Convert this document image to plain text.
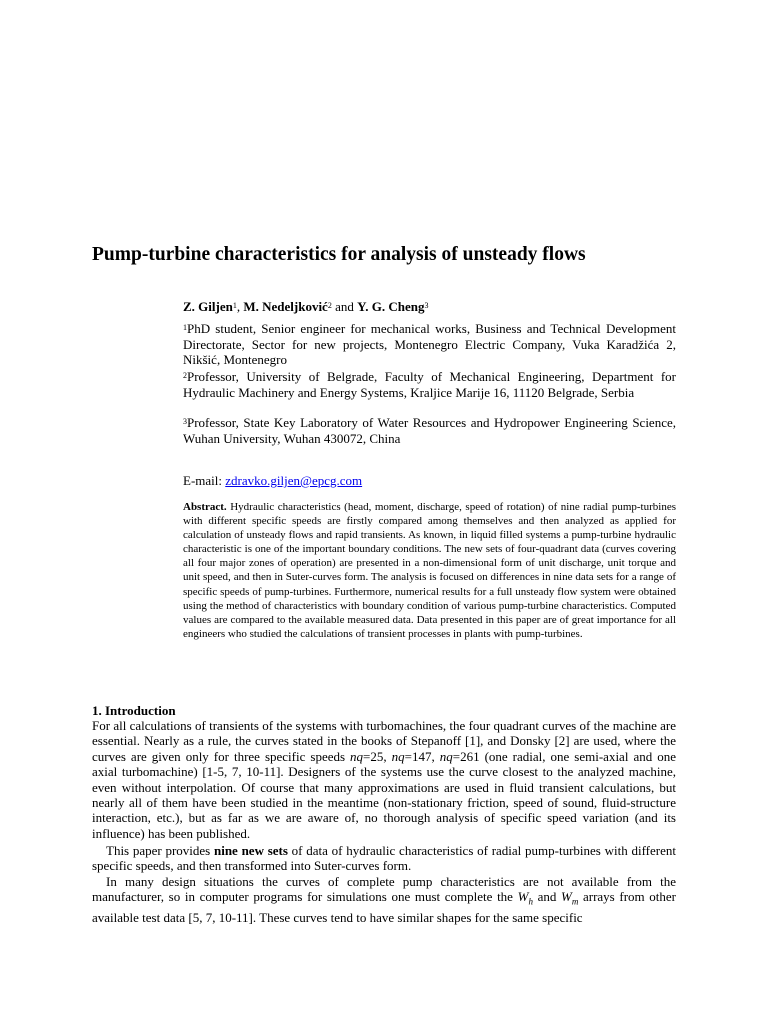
Pump-turbine characteristics for analysis of unsteady flows
Z. Giljen$^1$, M. Nedeljković$^2$ and Y. G. Cheng$^3$
$^1$PhD student, Senior engineer for mechanical works, Business and Technical Development Directorate, Sector for new projects, Montenegro Electric Company, Vuka Karadžića 2, Nikšić, Montenegro
$^2$Professor, University of Belgrade, Faculty of Mechanical Engineering, Department for Hydraulic Machinery and Energy Systems, Kraljice Marije 16, 11120 Belgrade, Serbia
$^3$Professor, State Key Laboratory of Water Resources and Hydropower Engineering Science, Wuhan University, Wuhan 430072, China
E-mail: zdravko.giljen@epcg.com
Abstract. Hydraulic characteristics (head, moment, discharge, speed of rotation) of nine radial pump-turbines with different specific speeds are firstly compared among themselves and then analyzed as applied for calculation of unsteady flows and rapid transients. As known, in liquid filled systems a pump-turbine hydraulic characteristic is one of the important boundary conditions. The new sets of four-quadrant data (curves covering all four major zones of operation) are presented in a non-dimensional form of unit discharge, unit torque and unit speed, and then in Suter-curves form. The analysis is focused on differences in nine data sets for a range of specific speeds of pump-turbines. Furthermore, numerical results for a full unsteady flow system were obtained using the method of characteristics with boundary condition of various pump-turbine characteristics. Computed values are compared to the available measured data. Data presented in this paper are of great importance for all engineers who studied the calculations of transient processes in plants with pump-turbines.
1. Introduction
For all calculations of transients of the systems with turbomachines, the four quadrant curves of the machine are essential. Nearly as a rule, the curves stated in the books of Stepanoff [1], and Donsky [2] are used, where the curves are given only for three specific speeds nq=25, nq=147, nq=261 (one radial, one semi-axial and one axial turbomachine) [1-5, 7, 10-11]. Designers of the systems use the curve closest to the analyzed machine, even without interpolation. Of course that many approximations are used in fluid transient calculations, but nearly all of them have been studied in the meantime (non-stationary friction, speed of sound, fluid-structure interaction, etc.), but as far as we are aware of, no thorough analysis of specific speed variation (and its influence) has been published.
This paper provides nine new sets of data of hydraulic characteristics of radial pump-turbines with different specific speeds, and then transformed into Suter-curves form.
In many design situations the curves of complete pump characteristics are not available from the manufacturer, so in computer programs for simulations one must complete the $W_h$ and $W_m$ arrays from other available test data [5, 7, 10-11]. These curves tend to have similar shapes for the same specific
